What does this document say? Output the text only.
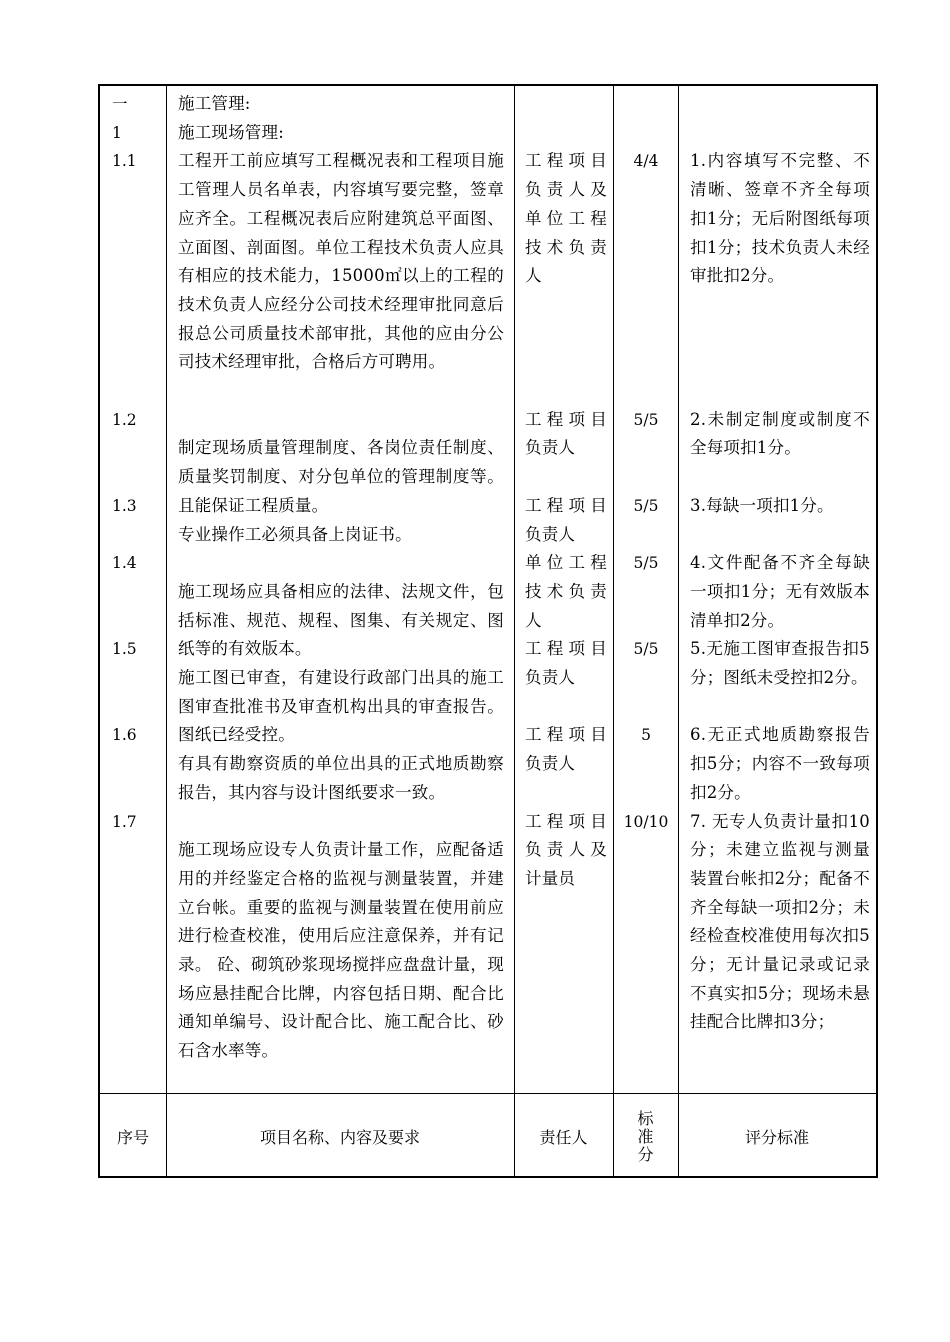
一
1
1.1
1.2
1.3
1.4
1.5
1.6
1.7
施工管理:
施工现场管理:
工程开工前应填写工程概况表和工程项目施工管理人员名单表，内容填写要完整，签章应齐全。工程概况表后应附建筑总平面图、立面图、剖面图。单位工程技术负责人应具有相应的技术能力，15000㎡以上的工程的技术负责人应经分公司技术经理审批同意后报总公司质量技术部审批，其他的应由分公司技术经理审批，合格后方可聘用。
制定现场质量管理制度、各岗位责任制度、质量奖罚制度、对分包单位的管理制度等。且能保证工程质量。
专业操作工必须具备上岗证书。
施工现场应具备相应的法律、法规文件，包括标准、规范、规程、图集、有关规定、图纸等的有效版本。
施工图已审查，有建设行政部门出具的施工图审查批准书及审查机构出具的审查报告。图纸已经受控。
有具有勘察资质的单位出具的正式地质勘察报告，其内容与设计图纸要求一致。
施工现场应设专人负责计量工作，应配备适用的并经鉴定合格的监视与测量装置，并建立台帐。重要的监视与测量装置在使用前应进行检查校准，使用后应注意保养，并有记录。 砼、砌筑砂浆现场搅拌应盘盘计量，现场应悬挂配合比牌，内容包括日期、配合比通知单编号、设计配合比、施工配合比、砂石含水率等。
工程项目负责人及单位工程技术负责人
工程项目负责人
工程项目负责人
单位工程技术负责人
工程项目负责人
工程项目负责人
工程项目负责人及计量员
4/4
5/5
5/5
5/5
5/5
5
10/10
1.内容填写不完整、不清晰、签章不齐全每项扣1分；无后附图纸每项扣1分；技术负责人未经审批扣2分。
2.未制定制度或制度不全每项扣1分。
3.每缺一项扣1分。
4.文件配备不齐全每缺一项扣1分；无有效版本清单扣2分。
5.无施工图审查报告扣5分；图纸未受控扣2分。
6.无正式地质勘察报告扣5分；内容不一致每项扣2分。
7. 无专人负责计量扣10分；未建立监视与测量装置台帐扣2分；配备不齐全每缺一项扣2分；未经检查校准使用每次扣5分；无计量记录或记录不真实扣5分；现场未悬挂配合比牌扣3分；
序号	项目名称、内容及要求	责任人
标准分
评分标准
